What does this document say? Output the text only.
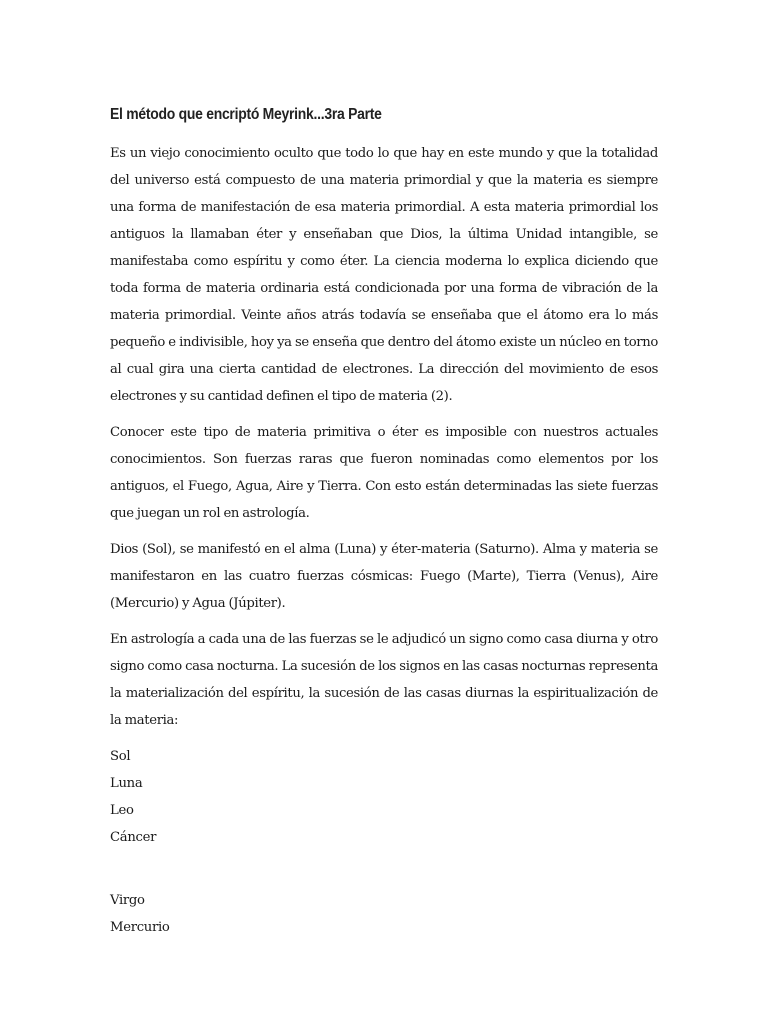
El método que encriptó Meyrink...3ra Parte

Es un viejo conocimiento oculto que todo lo que hay en este mundo y que la totalidad del universo está compuesto de una materia primordial y que la materia es siempre una forma de manifestación de esa materia primordial. A esta materia primordial los antiguos la llamaban éter y enseñaban que Dios, la última Unidad intangible, se manifestaba como espíritu y como éter. La ciencia moderna lo explica diciendo que toda forma de materia ordinaria está condicionada por una forma de vibración de la materia primordial. Veinte años atrás todavía se enseñaba que el átomo era lo más pequeño e indivisible, hoy ya se enseña que dentro del átomo existe un núcleo en torno al cual gira una cierta cantidad de electrones. La dirección del movimiento de esos electrones y su cantidad definen el tipo de materia (2).

Conocer este tipo de materia primitiva o éter es imposible con nuestros actuales conocimientos. Son fuerzas raras que fueron nominadas como elementos por los antiguos, el Fuego, Agua, Aire y Tierra. Con esto están determinadas las siete fuerzas que juegan un rol en astrología.

Dios (Sol), se manifestó en el alma (Luna) y éter-materia (Saturno). Alma y materia se manifestaron en las cuatro fuerzas cósmicas: Fuego (Marte), Tierra (Venus), Aire (Mercurio) y Agua (Júpiter).

En astrología a cada una de las fuerzas se le adjudicó un signo como casa diurna y otro signo como casa nocturna. La sucesión de los signos en las casas nocturnas representa la materialización del espíritu, la sucesión de las casas diurnas la espiritualización de la materia:

Sol
Luna
Leo
Cáncer
Virgo
Mercurio
